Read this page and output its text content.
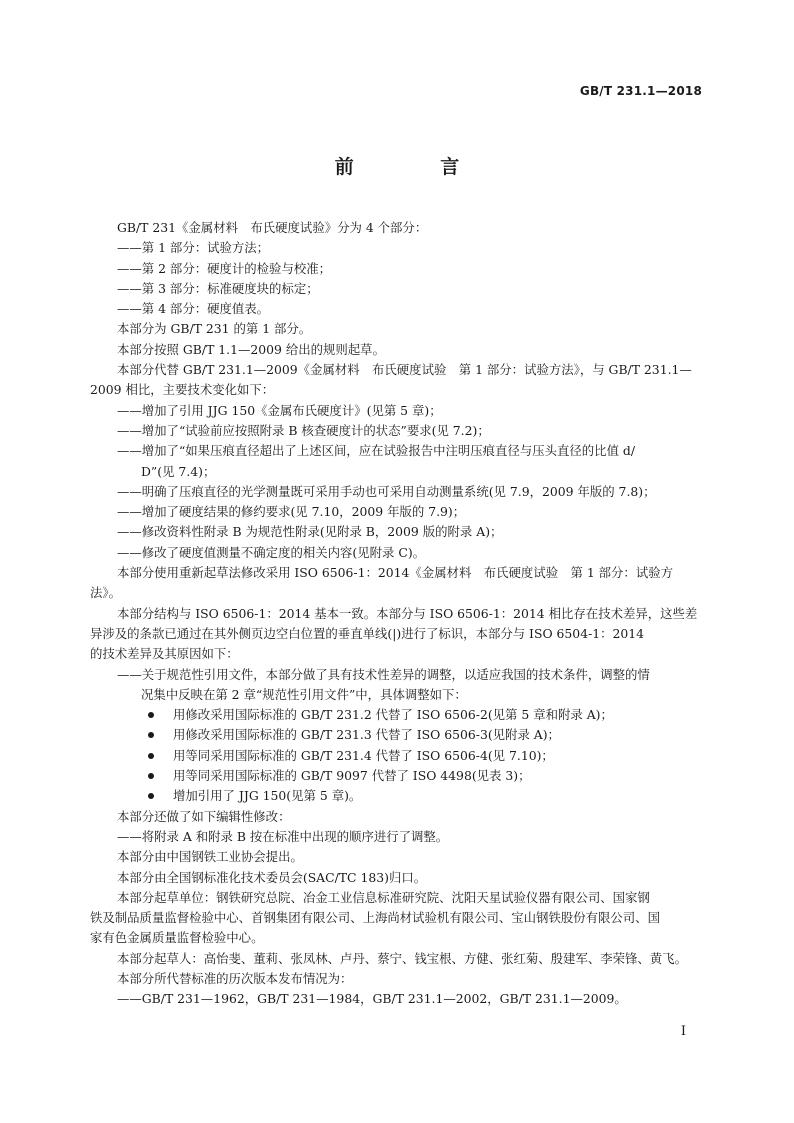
GB/T 231.1—2018
前 言
GB/T 231《金属材料　布氏硬度试验》分为 4 个部分：
——第 1 部分：试验方法；
——第 2 部分：硬度计的检验与校准；
——第 3 部分：标准硬度块的标定；
——第 4 部分：硬度值表。
本部分为 GB/T 231 的第 1 部分。
本部分按照 GB/T 1.1—2009 给出的规则起草。
本部分代替 GB/T 231.1—2009《金属材料　布氏硬度试验　第 1 部分：试验方法》，与 GB/T 231.1—
2009 相比，主要技术变化如下：
——增加了引用 JJG 150《金属布氏硬度计》(见第 5 章)；
——增加了“试验前应按照附录 B 核查硬度计的状态”要求(见 7.2)；
——增加了“如果压痕直径超出了上述区间，应在试验报告中注明压痕直径与压头直径的比值 d/
D”(见 7.4)；
——明确了压痕直径的光学测量既可采用手动也可采用自动测量系统(见 7.9，2009 年版的 7.8)；
——增加了硬度结果的修约要求(见 7.10，2009 年版的 7.9)；
——修改资料性附录 B 为规范性附录(见附录 B，2009 版的附录 A)；
——修改了硬度值测量不确定度的相关内容(见附录 C)。
本部分使用重新起草法修改采用 ISO 6506-1：2014《金属材料　布氏硬度试验　第 1 部分：试验方
法》。
本部分结构与 ISO 6506-1：2014 基本一致。本部分与 ISO 6506-1：2014 相比存在技术差异，这些差
异涉及的条款已通过在其外侧页边空白位置的垂直单线(|)进行了标识，本部分与 ISO 6504-1：2014
的技术差异及其原因如下：
——关于规范性引用文件，本部分做了具有技术性差异的调整，以适应我国的技术条件，调整的情
况集中反映在第 2 章“规范性引用文件”中，具体调整如下：
用修改采用国际标准的 GB/T 231.2 代替了 ISO 6506-2(见第 5 章和附录 A)；
用修改采用国际标准的 GB/T 231.3 代替了 ISO 6506-3(见附录 A)；
用等同采用国际标准的 GB/T 231.4 代替了 ISO 6506-4(见 7.10)；
用等同采用国际标准的 GB/T 9097 代替了 ISO 4498(见表 3)；
增加引用了 JJG 150(见第 5 章)。
本部分还做了如下编辑性修改：
——将附录 A 和附录 B 按在标准中出现的顺序进行了调整。
本部分由中国钢铁工业协会提出。
本部分由全国钢标准化技术委员会(SAC/TC 183)归口。
本部分起草单位：钢铁研究总院、冶金工业信息标准研究院、沈阳天星试验仪器有限公司、国家钢
铁及制品质量监督检验中心、首钢集团有限公司、上海尚材试验机有限公司、宝山钢铁股份有限公司、国
家有色金属质量监督检验中心。
本部分起草人：高怡斐、董莉、张凤林、卢丹、蔡宁、钱宝根、方健、张红菊、殷建军、李荣锋、黄飞。
本部分所代替标准的历次版本发布情况为：
——GB/T 231—1962，GB/T 231—1984，GB/T 231.1—2002，GB/T 231.1—2009。
I
